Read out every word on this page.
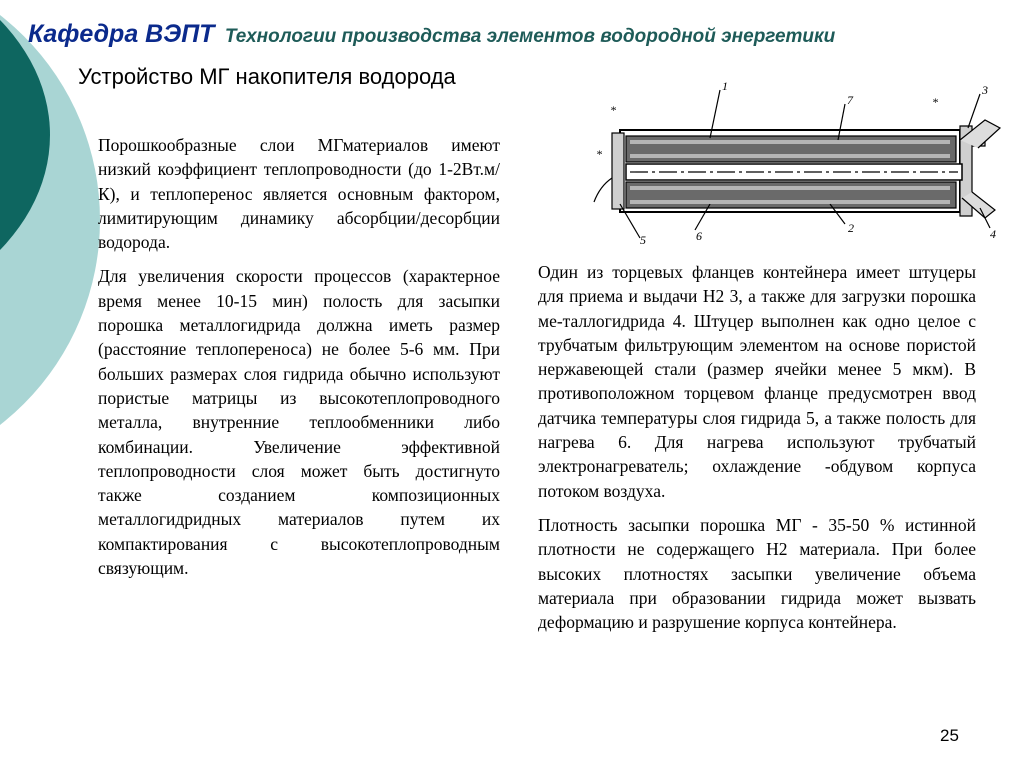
Кафедра ВЭПТ Технологии производства элементов водородной энергетики
Устройство МГ накопителя водорода

Порошкообразные слои МГматериалов имеют низкий коэффициент теплопроводности (до 1-2Вт.м/К), и теплоперенос является основным фактором, лимитирующим динамику абсорбции/десорбции водорода.

Для увеличения скорости процессов (характерное время менее 10-15 мин) полость для засыпки порошка металлогидрида должна иметь размер (расстояние теплопереноса) не более 5-6 мм. При больших размерах слоя гидрида обычно используют пористые матрицы из высокотеплопроводного металла, внутренние теплообменники либо комбинации. Увеличение эффективной теплопроводности слоя может быть достигнуто также созданием композиционных металлогидридных материалов путем их компактирования с высокотеплопроводным связующим.

1
7	*
3
*
*
5	6
2	4

Один из торцевых фланцев контейнера имеет штуцеры для приема и выдачи Н2 3, а также для загрузки порошка ме-таллогидрида 4. Штуцер выполнен как одно целое с трубчатым фильтрующим элементом на основе пористой нержавеющей стали (размер ячейки менее 5 мкм). В противоположном торцевом фланце предусмотрен ввод датчика температуры слоя гидрида 5, а также полость для нагрева 6. Для нагрева используют трубчатый электронагреватель; охлаждение -обдувом корпуса потоком воздуха.

Плотность засыпки порошка МГ - 35-50 % истинной плотности не содержащего Н2 материала. При более высоких плотностях засыпки увеличение объема материала при образовании гидрида может вызвать деформацию и разрушение корпуса контейнера.

25
